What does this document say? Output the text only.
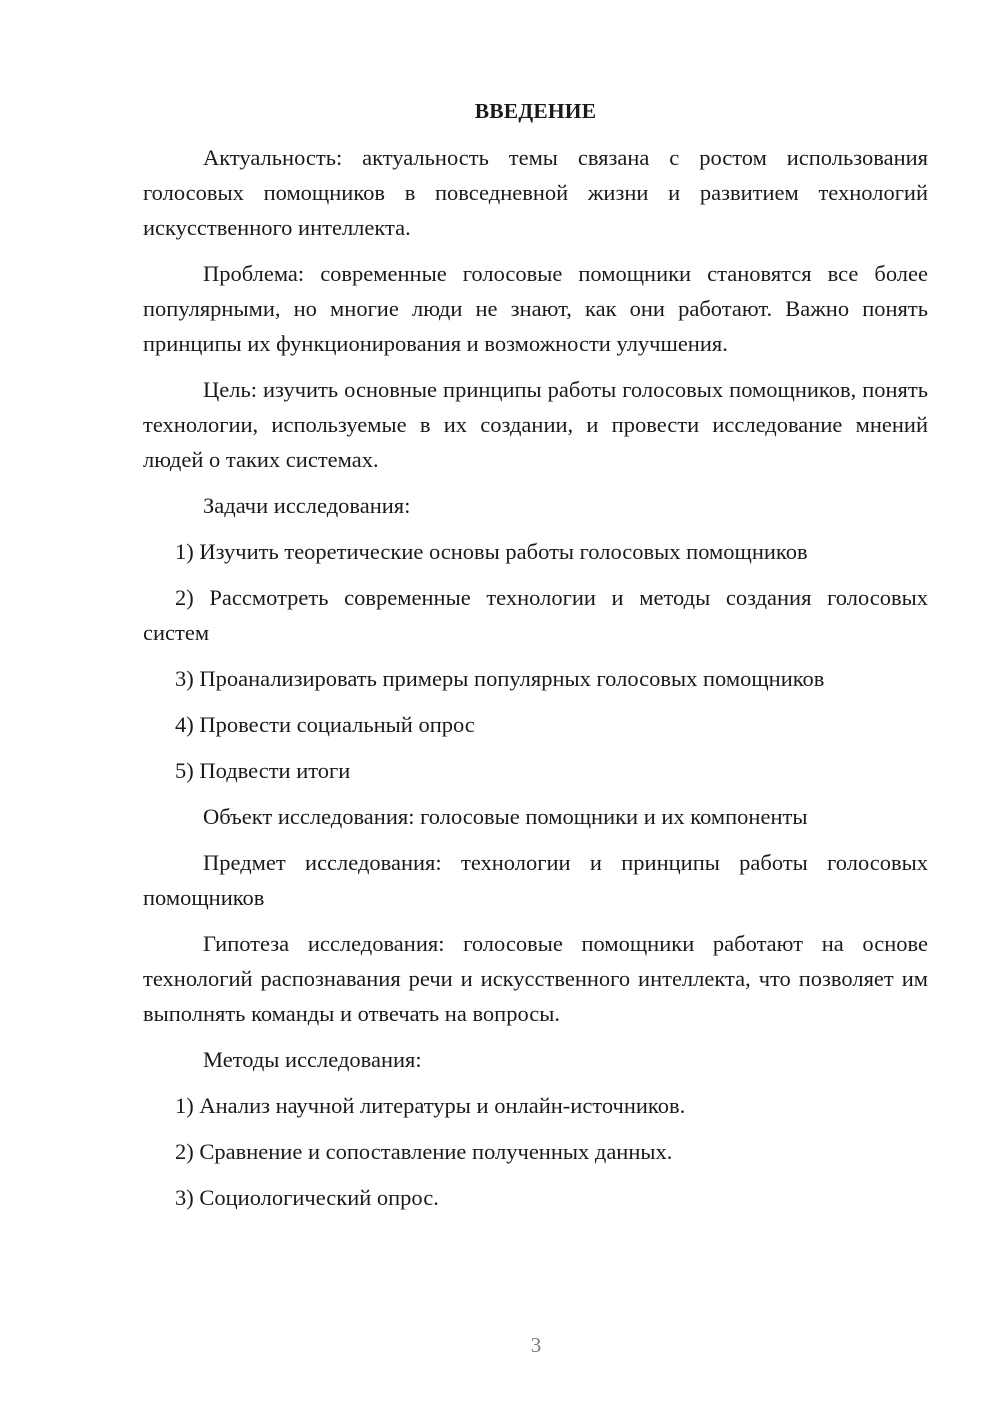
ВВЕДЕНИЕ

Актуальность: актуальность темы связана с ростом использования голосовых помощников в повседневной жизни и развитием технологий искусственного интеллекта.

Проблема: современные голосовые помощники становятся все более популярными, но многие люди не знают, как они работают. Важно понять принципы их функционирования и возможности улучшения.

Цель: изучить основные принципы работы голосовых помощников, понять технологии, используемые в их создании, и провести исследование мнений людей о таких системах.

Задачи исследования:

1) Изучить теоретические основы работы голосовых помощников

2) Рассмотреть современные технологии и методы создания голосовых систем

3) Проанализировать примеры популярных голосовых помощников

4) Провести социальный опрос

5) Подвести итоги

Объект исследования: голосовые помощники и их компоненты

Предмет исследования: технологии и принципы работы голосовых помощников

Гипотеза исследования: голосовые помощники работают на основе технологий распознавания речи и искусственного интеллекта, что позволяет им выполнять команды и отвечать на вопросы.

Методы исследования:

1) Анализ научной литературы и онлайн-источников.

2) Сравнение и сопоставление полученных данных.

3) Социологический опрос.

3
